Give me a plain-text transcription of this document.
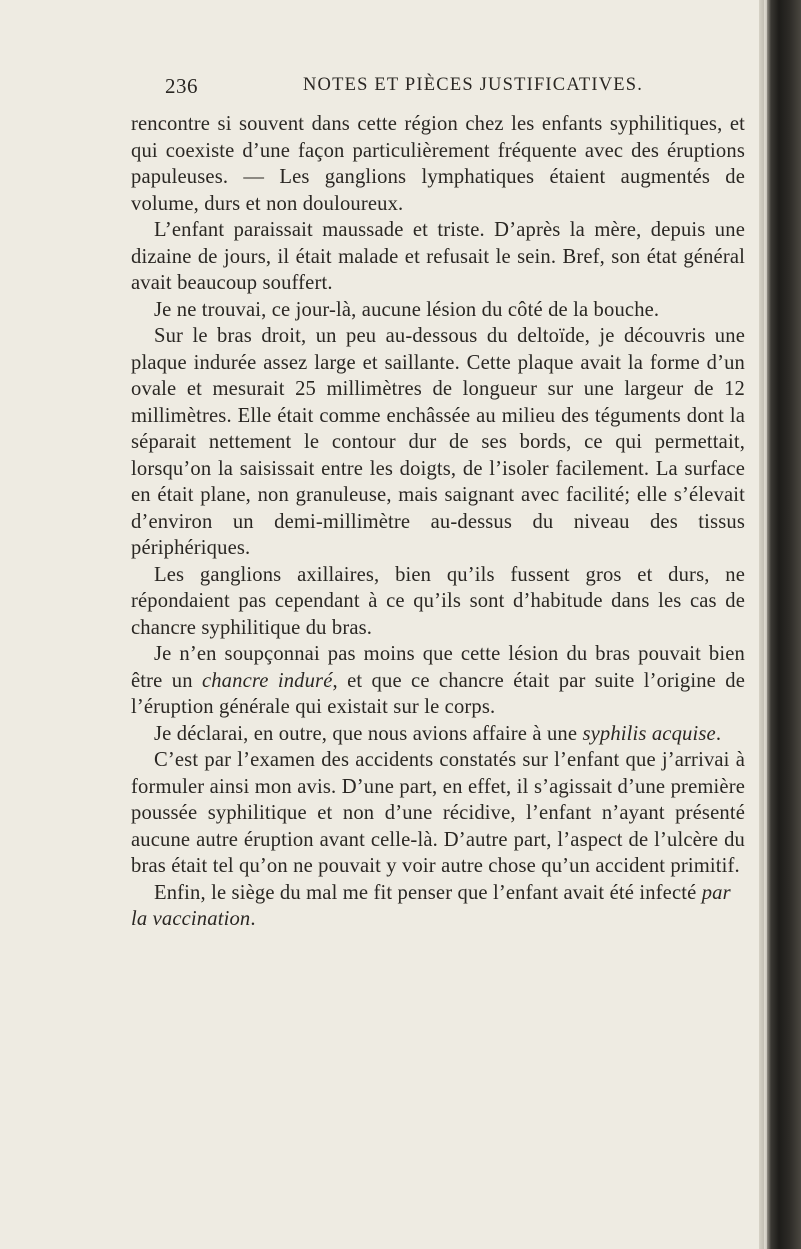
236	NOTES ET PIÈCES JUSTIFICATIVES.

rencontre si souvent dans cette région chez les enfants syphilitiques, et qui coexiste d’une façon particulièrement fréquente avec des éruptions papuleuses. — Les ganglions lymphatiques étaient augmentés de volume, durs et non douloureux.

L’enfant paraissait maussade et triste. D’après la mère, depuis une dizaine de jours, il était malade et refusait le sein. Bref, son état général avait beaucoup souffert.

Je ne trouvai, ce jour-là, aucune lésion du côté de la bouche.

Sur le bras droit, un peu au-dessous du deltoïde, je découvris une plaque indurée assez large et saillante. Cette plaque avait la forme d’un ovale et mesurait 25 millimètres de longueur sur une largeur de 12 millimètres. Elle était comme enchâssée au milieu des téguments dont la séparait nettement le contour dur de ses bords, ce qui permettait, lorsqu’on la saisissait entre les doigts, de l’isoler facilement. La surface en était plane, non granuleuse, mais saignant avec facilité; elle s’élevait d’environ un demi-millimètre au-dessus du niveau des tissus périphériques.

Les ganglions axillaires, bien qu’ils fussent gros et durs, ne répondaient pas cependant à ce qu’ils sont d’habitude dans les cas de chancre syphilitique du bras.

Je n’en soupçonnai pas moins que cette lésion du bras pouvait bien être un chancre induré, et que ce chancre était par suite l’origine de l’éruption générale qui existait sur le corps.

Je déclarai, en outre, que nous avions affaire à une syphilis acquise.

C’est par l’examen des accidents constatés sur l’enfant que j’arrivai à formuler ainsi mon avis. D’une part, en effet, il s’agissait d’une première poussée syphilitique et non d’une récidive, l’enfant n’ayant présenté aucune autre éruption avant celle-là. D’autre part, l’aspect de l’ulcère du bras était tel qu’on ne pouvait y voir autre chose qu’un accident primitif.

Enfin, le siège du mal me fit penser que l’enfant avait été infecté par la vaccination.
